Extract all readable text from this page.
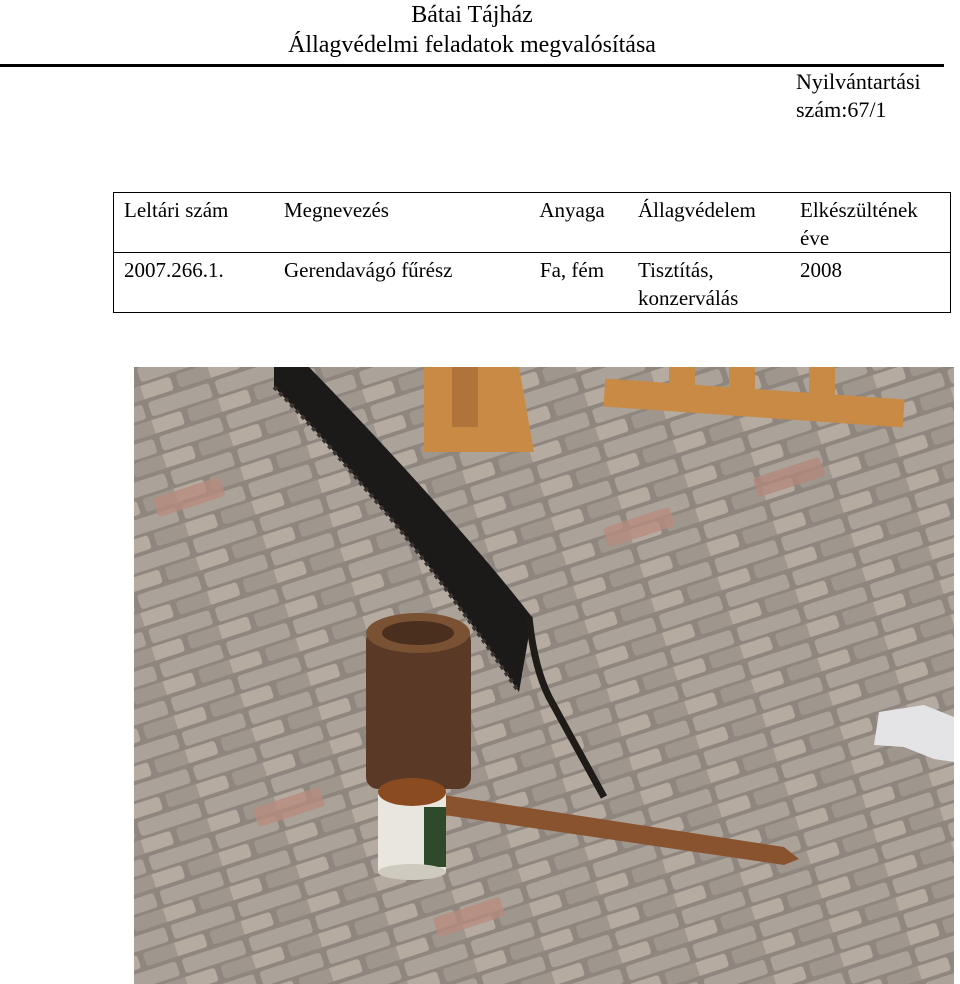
Bátai Tájház
Állagvédelmi feladatok megvalósítása
Nyilvántartási szám:67/1
Leltári szám	Megnevezés	Anyaga	Állagvédelem	Elkészültének éve
2007.266.1.	Gerendavágó fűrész	Fa, fém	Tisztítás, konzerválás	2008
